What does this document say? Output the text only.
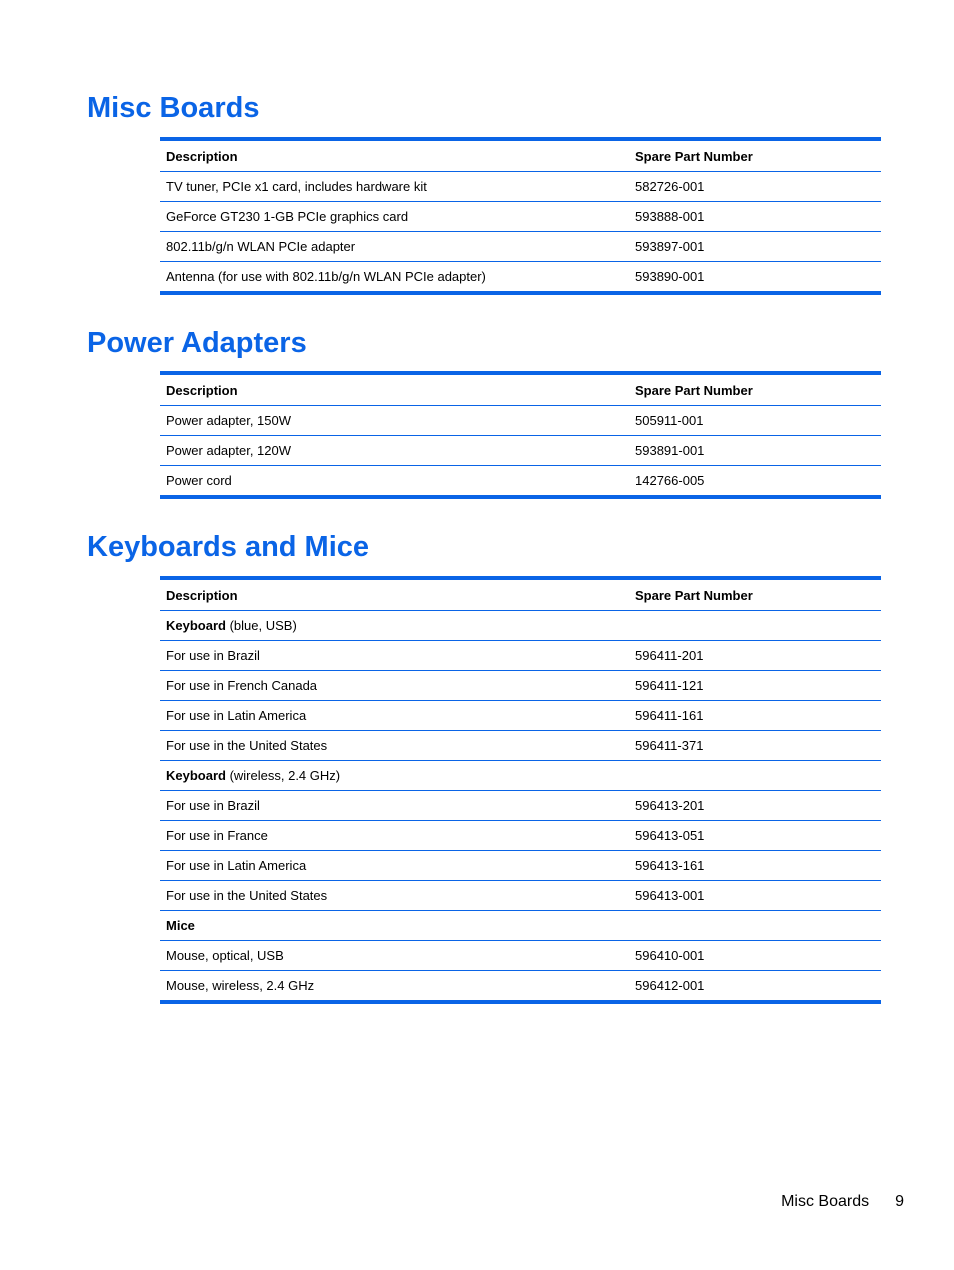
Misc Boards
Description	Spare Part Number
TV tuner, PCIe x1 card, includes hardware kit	582726-001
GeForce GT230 1-GB PCIe graphics card	593888-001
802.11b/g/n WLAN PCIe adapter	593897-001
Antenna (for use with 802.11b/g/n WLAN PCIe adapter)	593890-001
Power Adapters
Description	Spare Part Number
Power adapter, 150W	505911-001
Power adapter, 120W	593891-001
Power cord	142766-005
Keyboards and Mice
Description	Spare Part Number
Keyboard (blue, USB)	
For use in Brazil	596411-201
For use in French Canada	596411-121
For use in Latin America	596411-161
For use in the United States	596411-371
Keyboard (wireless, 2.4 GHz)	
For use in Brazil	596413-201
For use in France	596413-051
For use in Latin America	596413-161
For use in the United States	596413-001
Mice	
Mouse, optical, USB	596410-001
Mouse, wireless, 2.4 GHz	596412-001
Misc Boards 9
